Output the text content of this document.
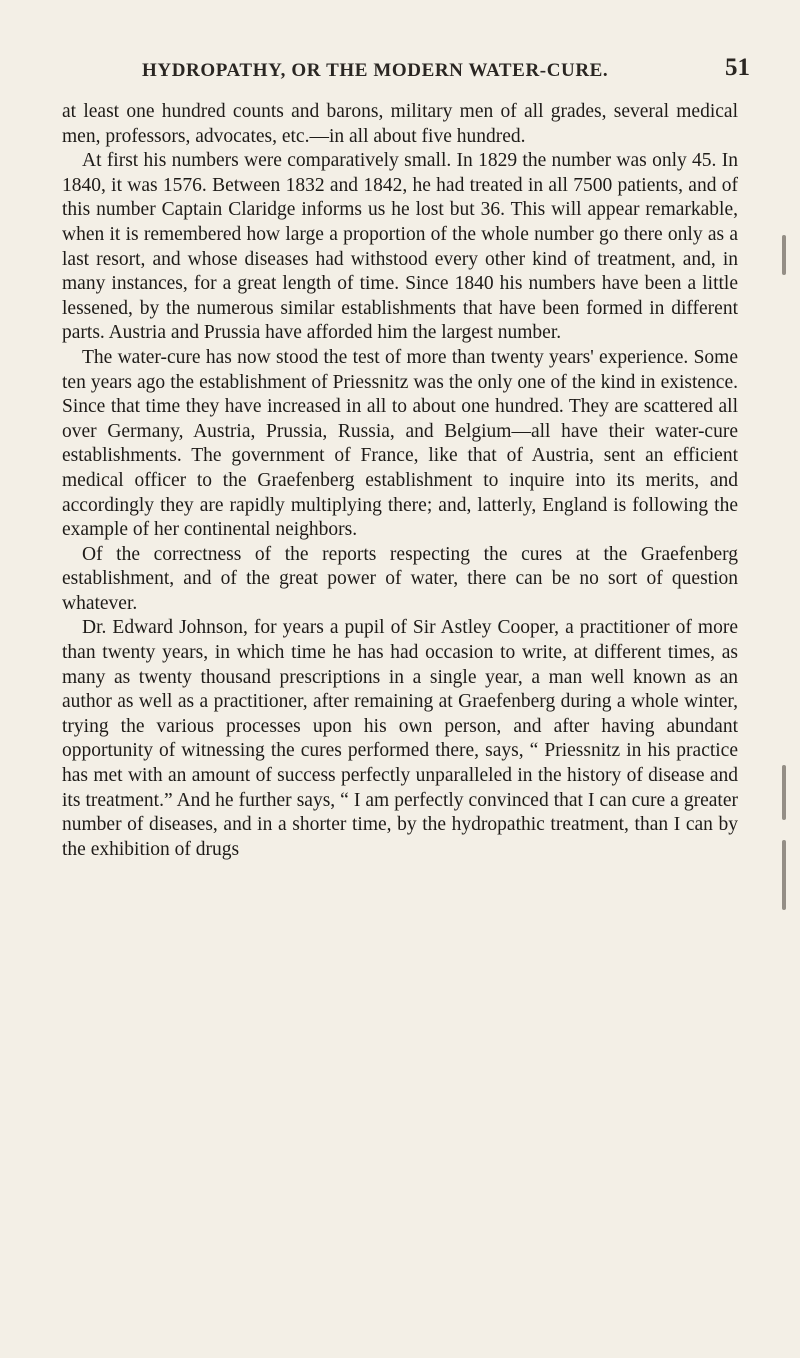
HYDROPATHY, OR THE MODERN WATER-CURE.	51

at least one hundred counts and barons, military men of all grades, several medical men, professors, advocates, etc.—in all about five hundred.

At first his numbers were comparatively small. In 1829 the number was only 45. In 1840, it was 1576. Between 1832 and 1842, he had treated in all 7500 patients, and of this number Captain Claridge informs us he lost but 36. This will appear remarkable, when it is remembered how large a proportion of the whole number go there only as a last resort, and whose diseases had withstood every other kind of treatment, and, in many instances, for a great length of time. Since 1840 his numbers have been a little lessened, by the numerous similar establishments that have been formed in different parts. Austria and Prussia have afforded him the largest number.

The water-cure has now stood the test of more than twenty years' experience. Some ten years ago the establishment of Priessnitz was the only one of the kind in existence. Since that time they have increased in all to about one hundred. They are scattered all over Germany, Austria, Prussia, Russia, and Belgium—all have their water-cure establishments. The government of France, like that of Austria, sent an efficient medical officer to the Graefenberg establishment to inquire into its merits, and accordingly they are rapidly multiplying there; and, latterly, England is following the example of her continental neighbors.

Of the correctness of the reports respecting the cures at the Graefenberg establishment, and of the great power of water, there can be no sort of question whatever.

Dr. Edward Johnson, for years a pupil of Sir Astley Cooper, a practitioner of more than twenty years, in which time he has had occasion to write, at different times, as many as twenty thousand prescriptions in a single year, a man well known as an author as well as a practitioner, after remaining at Graefenberg during a whole winter, trying the various processes upon his own person, and after having abundant opportunity of witnessing the cures performed there, says, “ Priessnitz in his practice has met with an amount of success perfectly unparalleled in the history of disease and its treatment.” And he further says, “ I am perfectly convinced that I can cure a greater number of diseases, and in a shorter time, by the hydropathic treatment, than I can by the exhibition of drugs
